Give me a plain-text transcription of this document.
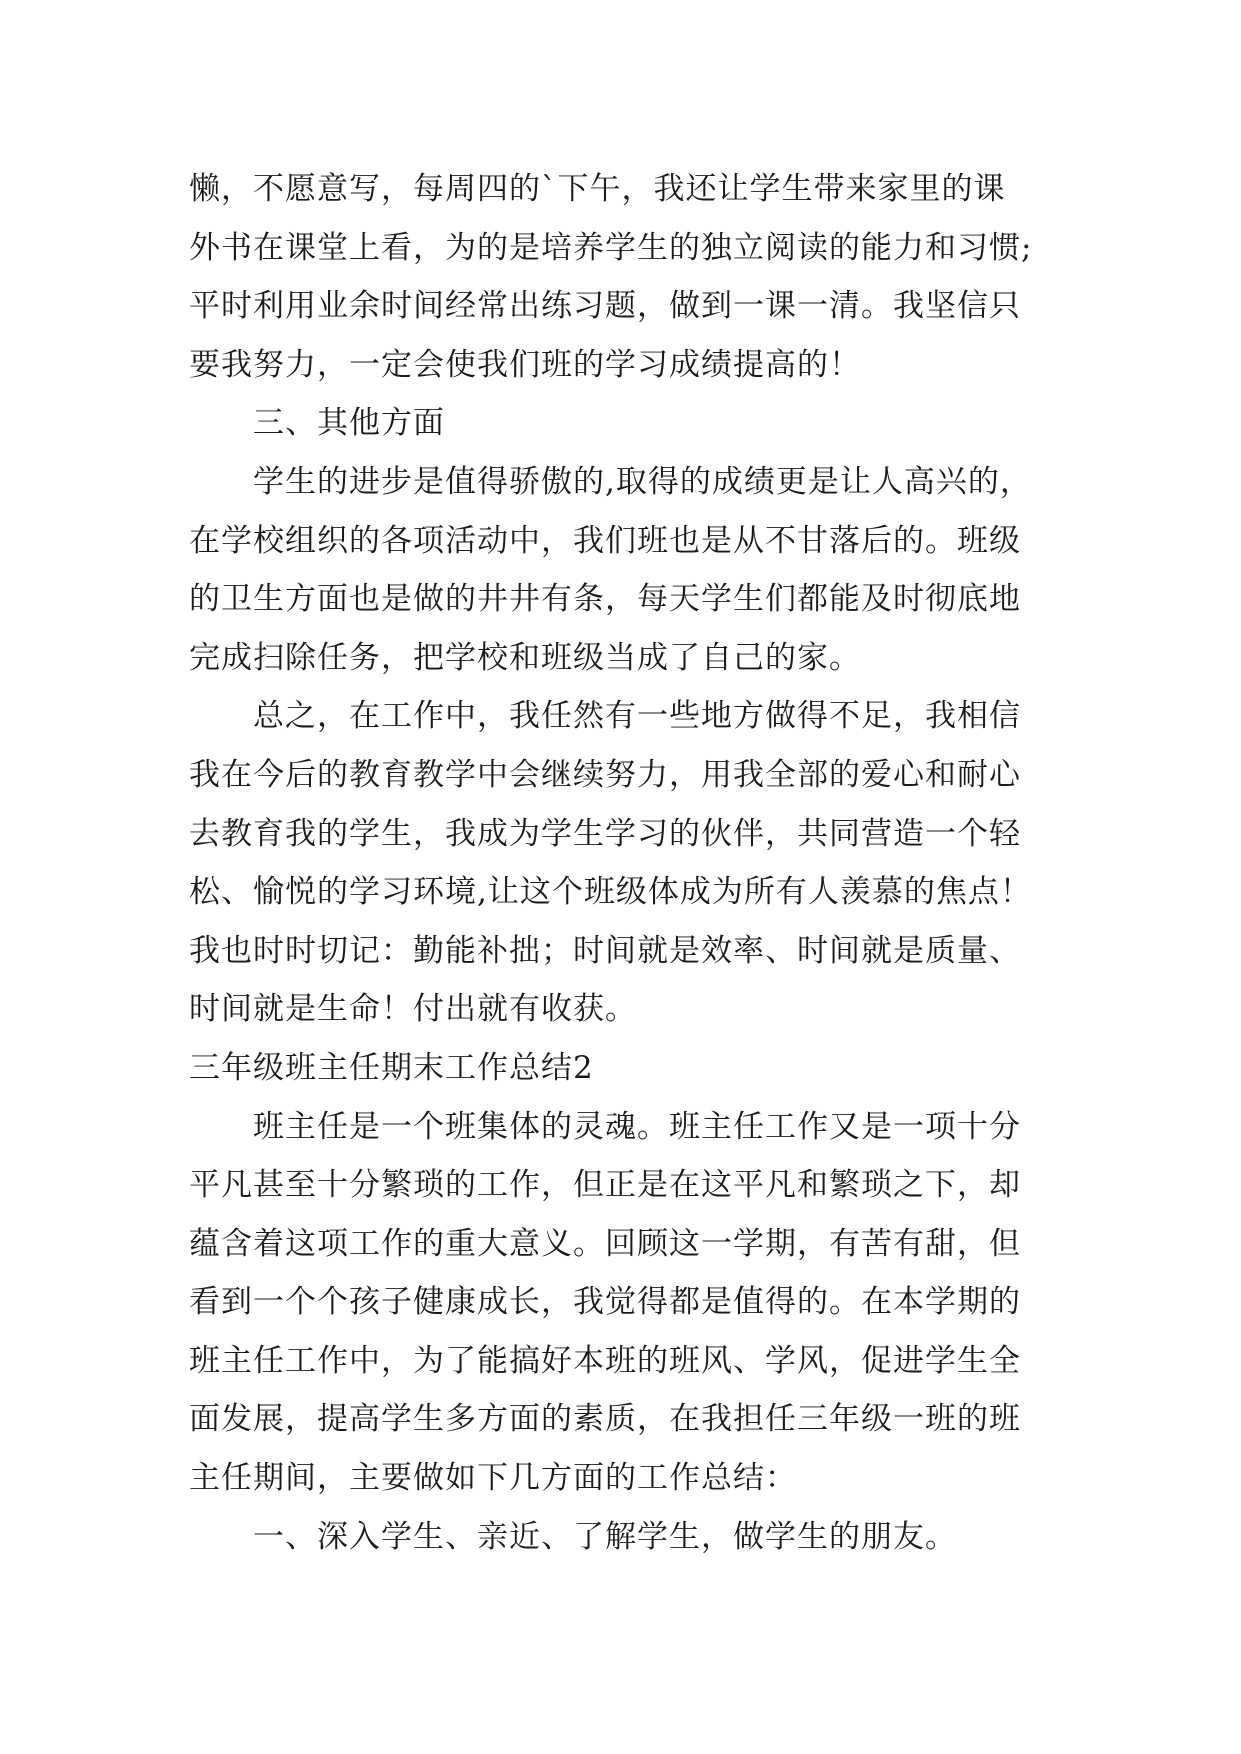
懒，不愿意写，每周四的`下午，我还让学生带来家里的课
外书在课堂上看，为的是培养学生的独立阅读的能力和习惯;
平时利用业余时间经常出练习题，做到一课一清。我坚信只
要我努力，一定会使我们班的学习成绩提高的！
三、其他方面
学生的进步是值得骄傲的,取得的成绩更是让人高兴的，
在学校组织的各项活动中，我们班也是从不甘落后的。班级
的卫生方面也是做的井井有条，每天学生们都能及时彻底地
完成扫除任务，把学校和班级当成了自己的家。
总之，在工作中，我任然有一些地方做得不足，我相信
我在今后的教育教学中会继续努力，用我全部的爱心和耐心
去教育我的学生，我成为学生学习的伙伴，共同营造一个轻
松、愉悦的学习环境,让这个班级体成为所有人羡慕的焦点！
我也时时切记：勤能补拙；时间就是效率、时间就是质量、
时间就是生命！付出就有收获。
三年级班主任期末工作总结2
班主任是一个班集体的灵魂。班主任工作又是一项十分
平凡甚至十分繁琐的工作，但正是在这平凡和繁琐之下，却
蕴含着这项工作的重大意义。回顾这一学期，有苦有甜，但
看到一个个孩子健康成长，我觉得都是值得的。在本学期的
班主任工作中，为了能搞好本班的班风、学风，促进学生全
面发展，提高学生多方面的素质，在我担任三年级一班的班
主任期间，主要做如下几方面的工作总结：
一、深入学生、亲近、了解学生，做学生的朋友。
